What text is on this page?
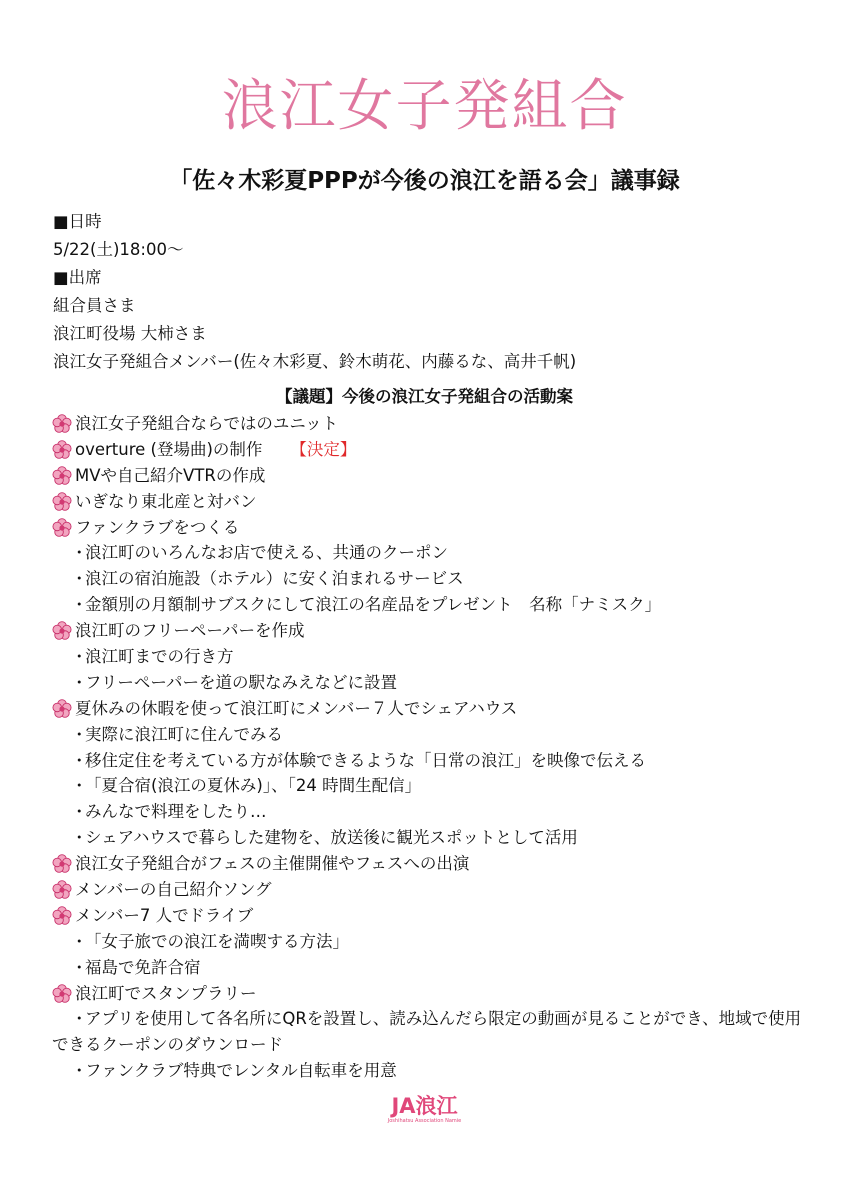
浪江女子発組合
「佐々木彩夏PPPが今後の浪江を語る会」議事録
■日時
5/22(土)18:00～
■出席
組合員さま
浪江町役場 大柿さま
浪江女子発組合メンバー(佐々木彩夏、鈴木萌花、内藤るな、高井千帆)
【議題】今後の浪江女子発組合の活動案
浪江女子発組合ならではのユニット
overture (登場曲)の制作 【決定】
MVや自己紹介VTRの作成
いぎなり東北産と対バン
ファンクラブをつくる
・浪江町のいろんなお店で使える、共通のクーポン
・浪江の宿泊施設（ホテル）に安く泊まれるサービス
・金額別の月額制サブスクにして浪江の名産品をプレゼント　名称「ナミスク」
浪江町のフリーペーパーを作成
・浪江町までの行き方
・フリーペーパーを道の駅なみえなどに設置
夏休みの休暇を使って浪江町にメンバー７人でシェアハウス
・実際に浪江町に住んでみる
・移住定住を考えている方が体験できるような「日常の浪江」を映像で伝える
・「夏合宿(浪江の夏休み)」、「24 時間生配信」
・みんなで料理をしたり…
・シェアハウスで暮らした建物を、放送後に観光スポットとして活用
浪江女子発組合がフェスの主催開催やフェスへの出演
メンバーの自己紹介ソング
メンバー7 人でドライブ
・「女子旅での浪江を満喫する方法」
・福島で免許合宿
浪江町でスタンプラリー
・アプリを使用して各名所にQRを設置し、読み込んだら限定の動画が見ることができ、地域で使用できるクーポンのダウンロード
・ファンクラブ特典でレンタル自転車を用意
JA浪江
Joshihatsu Association Namie
